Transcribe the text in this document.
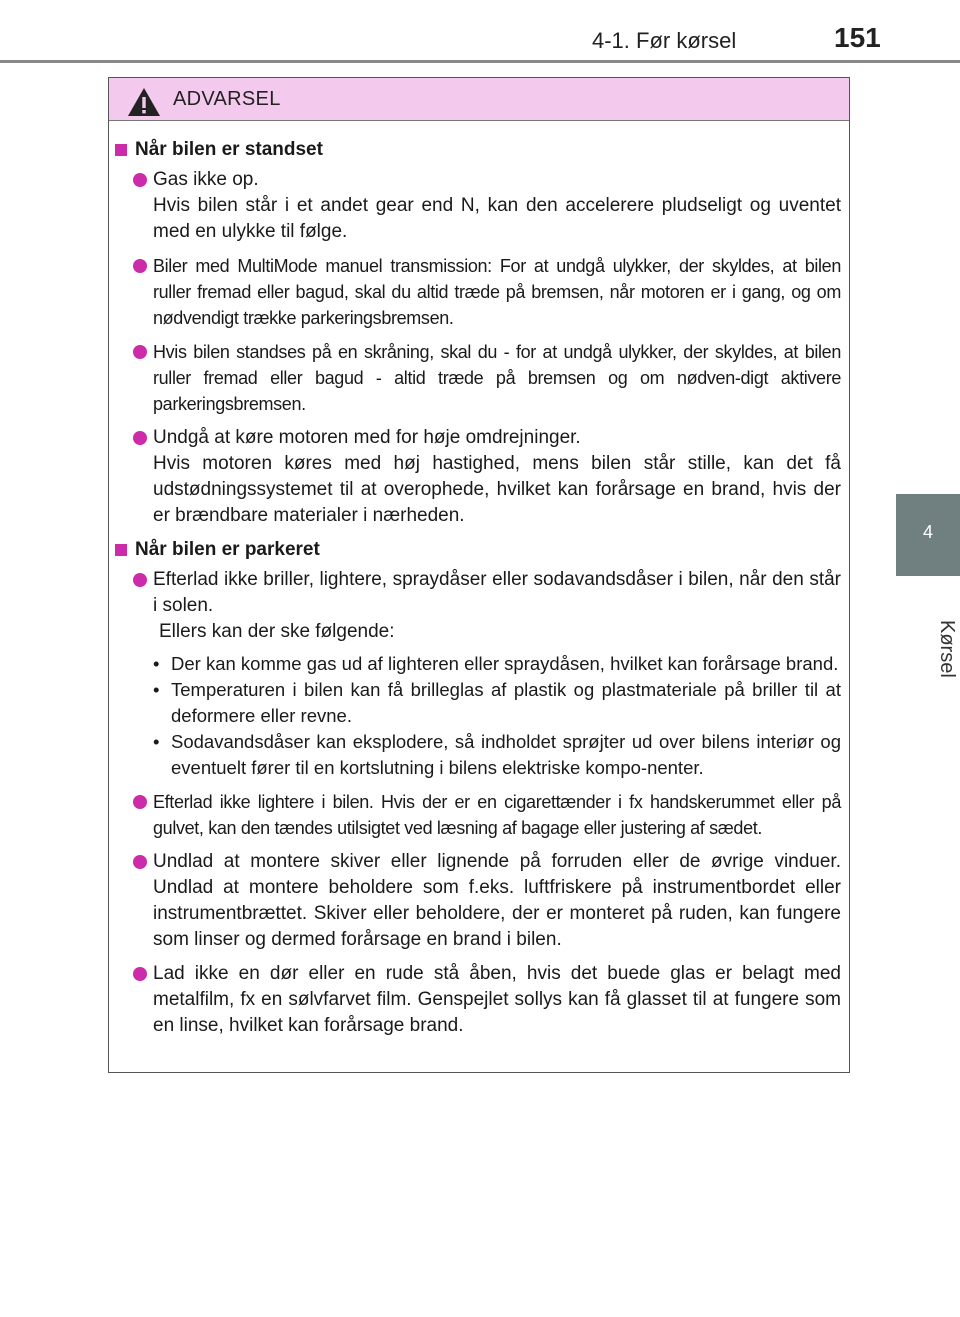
4-1. Før kørsel	151
4
Kørsel
ADVARSEL
Når bilen er standset

Gas ikke op.

Hvis bilen står i et andet gear end N, kan den accelerere pludseligt og uventet med en ulykke til følge.

Biler med MultiMode manuel transmission: For at undgå ulykker, der skyldes, at bilen ruller fremad eller bagud, skal du altid træde på bremsen, når motoren er i gang, og om nødvendigt trække parkeringsbremsen.

Hvis bilen standses på en skråning, skal du - for at undgå ulykker, der skyldes, at bilen ruller fremad eller bagud - altid træde på bremsen og om nødven-digt aktivere parkeringsbremsen.

Undgå at køre motoren med for høje omdrejninger.

Hvis motoren køres med høj hastighed, mens bilen står stille, kan det få udstødningssystemet til at overophede, hvilket kan forårsage en brand, hvis der er brændbare materialer i nærheden.

Når bilen er parkeret

Efterlad ikke briller, lightere, spraydåser eller sodavandsdåser i bilen, når den står i solen.

Ellers kan der ske følgende:

• Der kan komme gas ud af lighteren eller spraydåsen, hvilket kan forårsage brand.
• Temperaturen i bilen kan få brilleglas af plastik og plastmateriale på briller til at deformere eller revne.
• Sodavandsdåser kan eksplodere, så indholdet sprøjter ud over bilens interiør og eventuelt fører til en kortslutning i bilens elektriske kompo-nenter.

Efterlad ikke lightere i bilen. Hvis der er en cigarettænder i fx handskerummet eller på gulvet, kan den tændes utilsigtet ved læsning af bagage eller justering af sædet.

Undlad at montere skiver eller lignende på forruden eller de øvrige vinduer. Undlad at montere beholdere som f.eks. luftfriskere på instrumentbordet eller instrumentbrættet. Skiver eller beholdere, der er monteret på ruden, kan fungere som linser og dermed forårsage en brand i bilen.

Lad ikke en dør eller en rude stå åben, hvis det buede glas er belagt med metalfilm, fx en sølvfarvet film. Genspejlet sollys kan få glasset til at fungere som en linse, hvilket kan forårsage brand.
